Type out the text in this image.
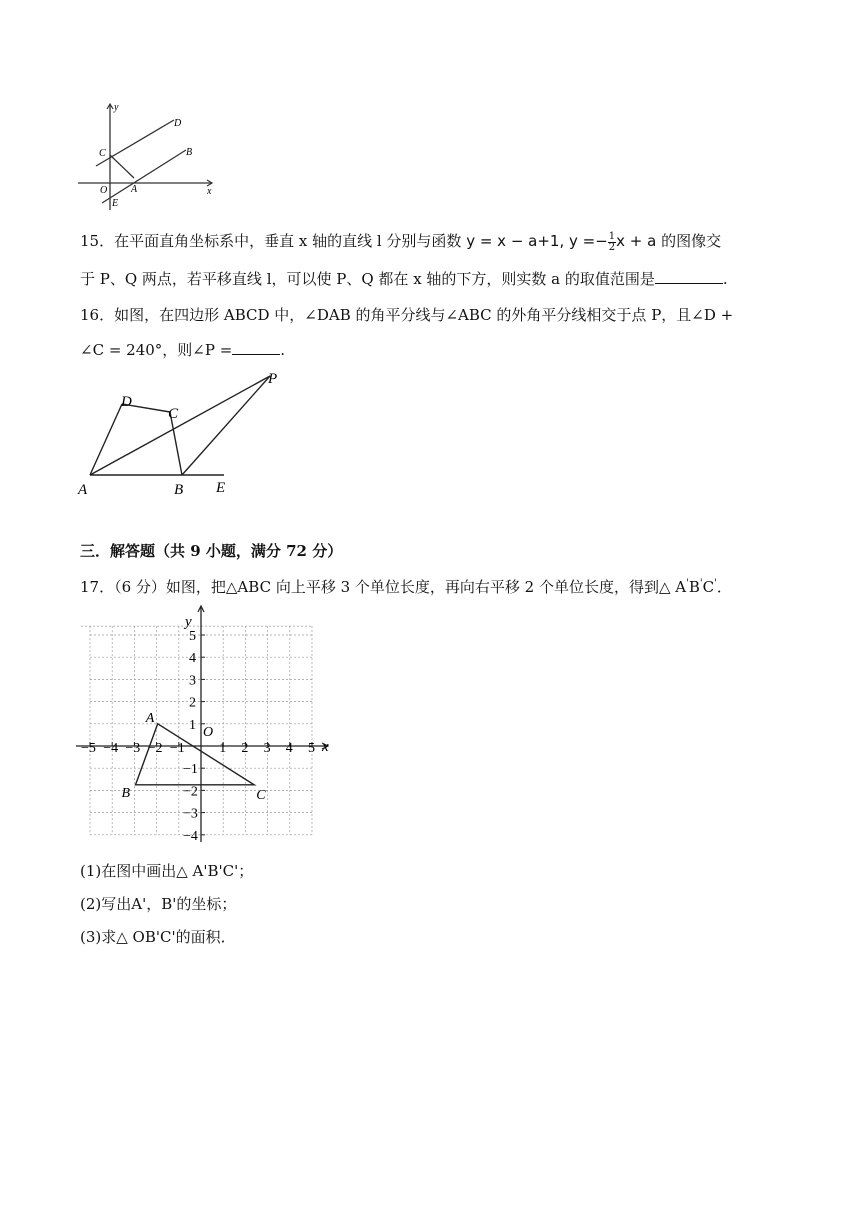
y
x
D
B
C
O A
E
15．在平面直角坐标系中，垂直 x 轴的直线 l 分别与函数 y = x − a+1, $y =- \frac{1}{2}$ x + a 的图像交
于 P、Q 两点，若平移直线 l，可以使 P、Q 都在 x 轴的下方，则实数 a 的取值范围是	.
16．如图，在四边形 ABCD 中，∠DAB 的角平分线与∠ABC 的外角平分线相交于点 P，且∠D +
∠C = 240°，则∠P =	.
A	B E
C
D
P
三．解答题（共 9 小题，满分 72 分）
17．（6 分）如图，把△ABC 向上平移 3 个单位长度，再向右平移 2 个单位长度，得到△ A'B'C'．
−5 −4 −3 −2 −1 1 2 3 4 5
5
4
3
2
1
−1
−2
−3
−4
x
y
O
A
B	C
(1)在图中画出△ A'B'C'；
(2)写出A'，B'的坐标；
(3)求△ OB'C'的面积．
